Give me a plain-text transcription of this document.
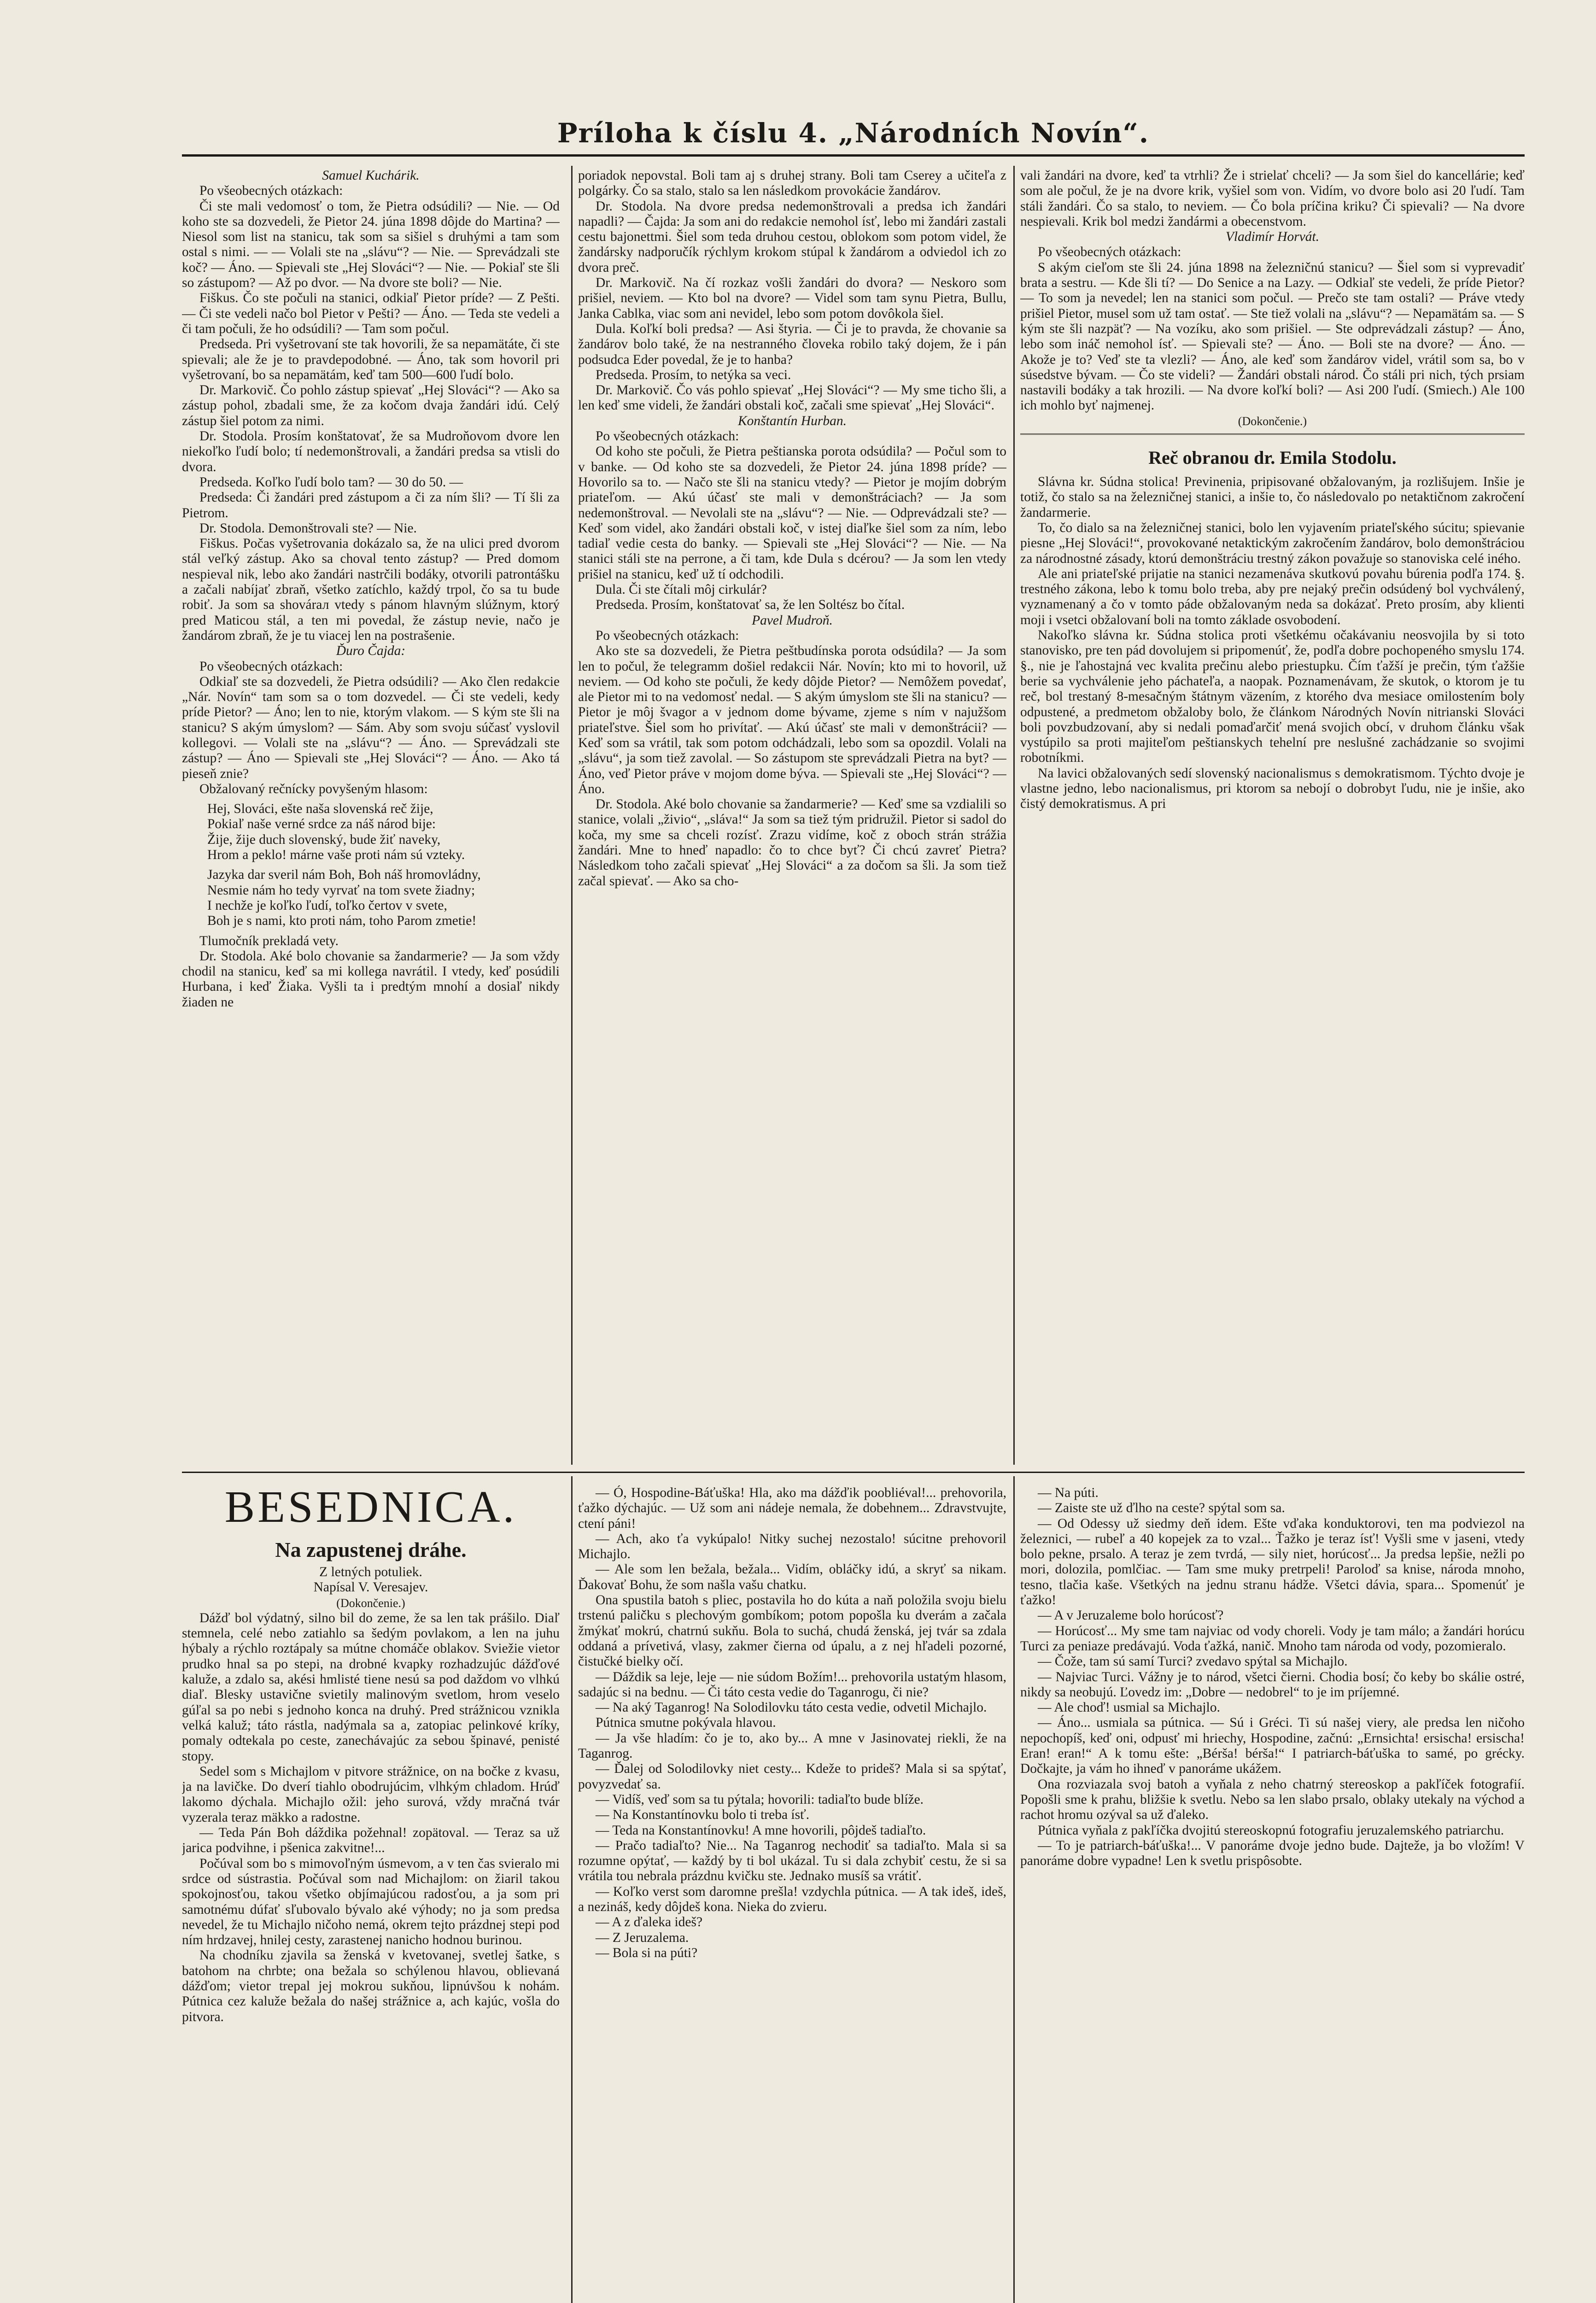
Príloha k číslu 4. „Národních Novín“.

Samuel Kuchárik.

Po všeobecných otázkach:

Či ste mali vedomosť o tom, že Pietra odsúdili? — Nie. — Od koho ste sa dozvedeli, že Pietor 24. júna 1898 dôjde do Martina? — Niesol som list na stanicu, tak som sa sišiel s druhými a tam som ostal s nimi. — — Volali ste na „slávu“? — Nie. — Sprevádzali ste koč? — Áno. — Spievali ste „Hej Slováci“? — Nie. — Pokiaľ ste šli so zástupom? — Až po dvor. — Na dvore ste boli? — Nie.

Fiškus. Čo ste počuli na stanici, odkiaľ Pietor príde? — Z Pešti. — Či ste vedeli načo bol Pietor v Pešti? — Áno. — Teda ste vedeli a či tam počuli, že ho odsúdili? — Tam som počul.

Predseda. Pri vyšetrovaní ste tak hovorili, že sa nepamätáte, či ste spievali; ale že je to pravdepodobné. — Áno, tak som hovoril pri vyšetrovaní, bo sa nepamätám, keď tam 500—600 ľudí bolo.

Dr. Markovič. Čo pohlo zástup spievať „Hej Slováci“? — Ako sa zástup pohol, zbadali sme, že za kočom dvaja žandári idú. Celý zástup šiel potom za nimi.

Dr. Stodola. Prosím konštatovať, že sa Mudroňovom dvore len niekoľko ľudí bolo; tí nedemonštrovali, a žandári predsa sa vtisli do dvora.

Predseda. Koľko ľudí bolo tam? — 30 do 50. —

Predseda: Či žandári pred zástupom a či za ním šli? — Tí šli za Pietrom.

Dr. Stodola. Demonštrovali ste? — Nie.

Fiškus. Počas vyšetrovania dokázalo sa, že na ulici pred dvorom stál veľký zástup. Ako sa choval tento zástup? — Pred domom nespieval nik, lebo ako žandári nastrčili bodáky, otvorili patrontášku a začali nabíjať zbraň, všetko zatíchlo, každý trpol, čo sa tu bude robiť. Ja som sa shovárал vtedy s pánom hlavným slúžnym, ktorý pred Maticou stál, a ten mi povedal, že zástup nevie, načo je žandárom zbraň, že je tu viacej len na postrašenie.

Ďuro Čajda:

Po všeobecných otázkach:

Odkiaľ ste sa dozvedeli, že Pietra odsúdili? — Ako člen redakcie „Nár. Novín“ tam som sa o tom dozvedel. — Či ste vedeli, kedy príde Pietor? — Áno; len to nie, ktorým vlakom. — S kým ste šli na stanicu? S akým úmyslom? — Sám. Aby som svoju súčasť vyslovil kollegovi. — Volali ste na „slávu“? — Áno. — Sprevádzali ste zástup? — Áno — Spievali ste „Hej Slováci“? — Áno. — Ako tá pieseň znie?

Obžalovaný rečnícky povyšeným hlasom:

Hej, Slováci, ešte naša slovenská reč žije,

Pokiaľ naše verné srdce za náš národ bije:

Žije, žije duch slovenský, bude žiť naveky,

Hrom a peklo! márne vaše proti nám sú vzteky.

Jazyka dar sveril nám Boh, Boh náš hromovládny,

Nesmie nám ho tedy vyrvať na tom svete žiadny;

I nechže je koľko ľudí, toľko čertov v svete,

Boh je s nami, kto proti nám, toho Parom zmetie!

Tlumočník prekladá vety.

Dr. Stodola. Aké bolo chovanie sa žandarmerie? — Ja som vždy chodil na stanicu, keď sa mi kollega navrátil. I vtedy, keď posúdili Hurbana, i keď Žiaka. Vyšli ta i predtým mnohí a dosiaľ nikdy žiaden ne

poriadok nepovstal. Boli tam aj s druhej strany. Boli tam Cserey a učiteľa z polgárky. Čo sa stalo, stalo sa len následkom provokácie žandárov.

Dr. Stodola. Na dvore predsa nedemonštrovali a predsa ich žandári napadli? — Čajda: Ja som ani do redakcie nemohol ísť, lebo mi žandári zastali cestu bajonettmi. Šiel som teda druhou cestou, oblokom som potom videl, že žandársky nadporučík rýchlym krokom stúpal k žandárom a odviedol ich zo dvora preč.

Dr. Markovič. Na čí rozkaz vošli žandári do dvora? — Neskoro som prišiel, neviem. — Kto bol na dvore? — Videl som tam synu Pietra, Bullu, Janka Cablka, viac som ani nevidel, lebo som potom dovôkola šiel.

Dula. Koľkí boli predsa? — Asi štyria. — Či je to pravda, že chovanie sa žandárov bolo také, že na nestranného človeka robilo taký dojem, že i pán podsudca Eder povedal, že je to hanba?

Predseda. Prosím, to netýka sa veci.

Dr. Markovič. Čo vás pohlo spievať „Hej Slováci“? — My sme ticho šli, a len keď sme videli, že žandári obstali koč, začali sme spievať „Hej Slováci“.

Konštantín Hurban.

Po všeobecných otázkach:

Od koho ste počuli, že Pietra peštianska porota odsúdila? — Počul som to v banke. — Od koho ste sa dozvedeli, že Pietor 24. júna 1898 príde? — Hovorilo sa to. — Načo ste šli na stanicu vtedy? — Pietor je mojím dobrým priateľom. — Akú účasť ste mali v demonštráciach? — Ja som nedemonštroval. — Nevolali ste na „slávu“? — Nie. — Odprevádzali ste? — Keď som videl, ako žandári obstali koč, v istej diaľke šiel som za ním, lebo tadiaľ vedie cesta do banky. — Spievali ste „Hej Slováci“? — Nie. — Na stanici stáli ste na perrone, a či tam, kde Dula s dcérou? — Ja som len vtedy prišiel na stanicu, keď už tí odchodili.

Dula. Či ste čítali môj cirkulár?

Predseda. Prosím, konštatovať sa, že len Soltész bo čítal.

Pavel Mudroň.

Po všeobecných otázkach:

Ako ste sa dozvedeli, že Pietra peštbudínska porota odsúdila? — Ja som len to počul, že telegramm došiel redakcii Nár. Novín; kto mi to hovoril, už neviem. — Od koho ste počuli, že kedy dôjde Pietor? — Nemôžem povedať, ale Pietor mi to na vedomosť nedal. — S akým úmyslom ste šli na stanicu? — Pietor je môj švagor a v jednom dome bývame, zjeme s ním v najužšom priateľstve. Šiel som ho privítať. — Akú účasť ste mali v demonštrácii? — Keď som sa vrátil, tak som potom odchádzali, lebo som sa opozdil. Volali na „slávu“, ja som tiež zavolal. — So zástupom ste sprevádzali Pietra na byt? — Áno, veď Pietor práve v mojom dome býva. — Spievali ste „Hej Slováci“? — Áno.

Dr. Stodola. Aké bolo chovanie sa žandarmerie? — Keď sme sa vzdialili so stanice, volali „živio“, „sláva!“ Ja som sa tiež tým pridružil. Pietor si sadol do koča, my sme sa chceli rozísť. Zrazu vidíme, koč z oboch strán strážia žandári. Mne to hneď napadlo: čo to chce byť? Či chcú zavreť Pietra? Následkom toho začali spievať „Hej Slováci“ a za dočom sa šli. Ja som tiež začal spievať. — Ako sa cho-

vali žandári na dvore, keď ta vtrhli? Že i strielať chceli? — Ja som šiel do kancellárie; keď som ale počul, že je na dvore krik, vyšiel som von. Vidím, vo dvore bolo asi 20 ľudí. Tam stáli žandári. Čo sa stalo, to neviem. — Čo bola príčina kriku? Či spievali? — Na dvore nespievali. Krik bol medzi žandármi a obecenstvom.

Vladimír Horvát.

Po všeobecných otázkach:

S akým cieľom ste šli 24. júna 1898 na železničnú stanicu? — Šiel som si vyprevadiť brata a sestru. — Kde šli tí? — Do Senice a na Lazy. — Odkiaľ ste vedeli, že príde Pietor? — To som ja nevedel; len na stanici som počul. — Prečo ste tam ostali? — Práve vtedy prišiel Pietor, musel som už tam ostať. — Ste tiež volali na „slávu“? — Nepamätám sa. — S kým ste šli nazpäť? — Na vozíku, ako som prišiel. — Ste odprevádzali zástup? — Áno, lebo som ináč nemohol ísť. — Spievali ste? — Áno. — Boli ste na dvore? — Áno. — Akože je to? Veď ste ta vlezli? — Áno, ale keď som žandárov videl, vrátil som sa, bo v súsedstve bývam. — Čo ste videli? — Žandári obstali národ. Čo stáli pri nich, tých prsiam nastavili bodáky a tak hrozili. — Na dvore koľkí boli? — Asi 200 ľudí. (Smiech.) Ale 100 ich mohlo byť najmenej.

(Dokončenie.)

Reč obranou dr. Emila Stodolu.

Slávna kr. Súdna stolica! Previnenia, pripisované obžalovaným, ja rozlišujem. Inšie je totiž, čo stalo sa na železničnej stanici, a inšie to, čo následovalo po netaktičnom zakročení žandarmerie.

To, čo dialo sa na železničnej stanici, bolo len vyjavením priateľského súcitu; spievanie piesne „Hej Slováci!“, provokované netaktickým zakročením žandárov, bolo demonštráciou za národnostné zásady, ktorú demonštráciu trestný zákon považuje so stanoviska celé iného.

Ale ani priateľské prijatie na stanici nezamenáva skutkovú povahu búrenia podľa 174. §. trestného zákona, lebo k tomu bolo treba, aby pre nejaký prečin odsúdený bol vychválený, vyznamenaný a čo v tomto páde obžalovaným neda sa dokázať. Preto prosím, aby klienti moji i vsetci obžalovaní boli na tomto základe osvobodení.

Nakoľko slávna kr. Súdna stolica proti všetkému očakávaniu neosvojila by si toto stanovisko, pre ten pád dovolujem si pripomenúť, že, podľa dobre pochopeného smyslu 174. §., nie je ľahostajná vec kvalita prečinu alebo priestupku. Čím ťažší je prečin, tým ťažšie berie sa vychválenie jeho páchateľa, a naopak. Poznamenávam, že skutok, o ktorom je tu reč, bol trestaný 8-mesačným štátnym väzením, z ktorého dva mesiace omilostením boly odpustené, a predmetom obžaloby bolo, že článkom Národných Novín nitrianski Slováci boli povzbudzovaní, aby si nedali pomaďarčiť mená svojich obcí, v druhom článku však vystúpilo sa proti majiteľom peštianskych tehelní pre neslušné zachádzanie so svojimi robotníkmi.

Na lavici obžalovaných sedí slovenský nacionalismus s demokratismom. Týchto dvoje je vlastne jedno, lebo nacionalismus, pri ktorom sa nebojí o dobrobyt ľudu, nie je inšie, ako čistý demokratismus. A pri

BESEDNICA.
Na zapustenej dráhe.

Z letných potuliek.

Napísal V. Veresajev.

(Dokončenie.)

Dážď bol výdatný, silno bil do zeme, že sa len tak prášilo. Diaľ stemnela, celé nebo zatiahlo sa šedým povlakom, a len na juhu hýbaly a rýchlo roztápaly sa mútne chomáče oblakov. Sviežie vietor prudko hnal sa po stepi, na drobné kvapky rozhadzujúc dážďové kaluže, a zdalo sa, akési hmlisté tiene nesú sa pod daždom vo vlhkú diaľ. Blesky ustavične svietily malinovým svetlom, hrom veselo gúľal sa po nebi s jednoho konca na druhý. Pred strážnicou vznikla velká kaluž; táto rástla, nadýmala sa a, zatopiac pelinkové kríky, pomaly odtekala po ceste, zanechávajúc za sebou špinavé, penisté stopy.

Sedel som s Michajlom v pitvore strážnice, on na bočke z kvasu, ja na lavičke. Do dverí tiahlo obodrujúcim, vlhkým chladom. Hrúď lakomo dýchala. Michajlo ožil: jeho surová, vždy mračná tvár vyzerala teraz mäkko a radostne.

— Teda Pán Boh dáždika požehnal! zopätoval. — Teraz sa už jarica podvihne, i pšenica zakvitne!...

Počúval som bo s mimovoľným úsmevom, a v ten čas svieralo mi srdce od sústrastia. Počúval som nad Michajlom: on žiaril takou spokojnosťou, takou všetko objímajúcou radosťou, a ja som pri samotnému dúfať sľubovalo bývalo aké výhody; no ja som predsa nevedel, že tu Michajlo ničoho nemá, okrem tejto prázdnej stepi pod ním hrdzavej, hnilej cesty, zarastenej nanicho hodnou burinou.

Na chodníku zjavila sa ženská v kvetovanej, svetlej šatke, s batohom na chrbte; ona bežala so schýlenou hlavou, oblievaná dážďom; vietor trepal jej mokrou sukňou, lipnúvšou k nohám. Pútnica cez kaluže bežala do našej strážnice a, ach kajúc, vošla do pitvora.

— Ó, Hospodine-Báťuška! Hla, ako ma dážďik poobliéval!... prehovorila, ťažko dýchajúc. — Už som ani nádeje nemala, že dobehnem... Zdravstvujte, ctení páni!

— Ach, ako ťa vykúpalo! Nitky suchej nezostalo! súcitne prehovoril Michajlo.

— Ale som len bežala, bežala... Vidím, obláčky idú, a skryť sa nikam. Ďakovať Bohu, že som našla vašu chatku.

Ona spustila batoh s pliec, postavila ho do kúta a naň položila svoju bielu trstenú paličku s plechovým gombíkom; potom popošla ku dverám a začala žmýkať mokrú, chatrnú sukňu. Bola to suchá, chudá ženská, jej tvár sa zdala oddaná a prívetivá, vlasy, zakmer čierna od úpalu, a z nej hľadeli pozorné, čistučké bielky očí.

— Dáždik sa leje, leje — nie súdom Božím!... prehovorila ustatým hlasom, sadajúc si na bednu. — Či táto cesta vedie do Taganrogu, či nie?

— Na aký Taganrog! Na Solodilovku táto cesta vedie, odvetil Michajlo.

Pútnica smutne pokývala hlavou.

— Ja vše hladím: čo je to, ako by... A mne v Jasinovatej riekli, že na Taganrog.

— Ďalej od Solodilovky niet cesty... Kdeže to prideš? Mala si sa spýtať, povyzvedať sa.

— Vidíš, veď som sa tu pýtala; hovorili: tadiaľto bude blíže.

— Na Konstantínovku bolo ti treba ísť.

— Teda na Konstantínovku! A mne hovorili, pôjdeš tadiaľto.

— Pračo tadiaľto? Nie... Na Taganrog nechodiť sa tadiaľto. Mala si sa rozumne opýtať, — každý by ti bol ukázal. Tu si dala zchybiť cestu, že si sa vrátila tou nebrala prázdnu kvičku ste. Jednako musíš sa vrátiť.

— Koľko verst som daromne prešla! vzdychla pútnica. — A tak ideš, ideš, a nezináš, kedy dôjdeš kona. Nieka do zvieru.

— A z ďaleka ideš?

— Z Jeruzalema.

— Bola si na púti?

— Na púti.

— Zaiste ste už ďlho na ceste? spýtal som sa.

— Od Odessy už siedmy deň idem. Ešte vďaka konduktorovi, ten ma podviezol na železnici, — rubeľ a 40 kopejek za to vzal... Ťažko je teraz ísť! Vyšli sme v jaseni, vtedy bolo pekne, prsalo. A teraz je zem tvrdá, — sily niet, horúcosť... Ja predsa lepšie, nežli po mori, dolozila, pomlčiac. — Tam sme muky pretrpeli! Paroloď sa knise, národa mnoho, tesno, tlačia kaše. Všetkých na jednu stranu hádže. Všetci dávia, spara... Spomenúť je ťažko!

— A v Jeruzaleme bolo horúcosť?

— Horúcosť... My sme tam najviac od vody choreli. Vody je tam málo; a žandári horúcu Turci za peniaze predávajú. Voda ťažká, nanič. Mnoho tam národa od vody, pozomieralo.

— Čože, tam sú samí Turci? zvedavo spýtal sa Michajlo.

— Najviac Turci. Vážny je to národ, všetci čierni. Chodia bosí; čo keby bo skálie ostré, nikdy sa neobujú. Ľovedz im: „Dobre — nedobrel“ to je im príjemné.

— Ale choď! usmial sa Michajlo.

— Áno... usmiala sa pútnica. — Sú i Gréci. Ti sú našej viery, ale predsa len ničoho nepochopíš, keď oni, odpusť mi hriechy, Hospodine, začnú: „Ernsichta! ersischa! ersischa! Eran! eran!“ A k tomu ešte: „Bérša! bérša!“ I patriarch-báťuška to samé, po grécky. Dočkajte, ja vám ho ihneď v panoráme ukážem.

Ona rozviazala svoj batoh a vyňala z neho chatrný stereoskop a pakľíček fotografií. Popošli sme k prahu, bližšie k svetlu. Nebo sa len slabo prsalo, oblaky utekaly na východ a rachot hromu ozýval sa už ďaleko.

Pútnica vyňala z pakľíčka dvojitú stereoskopnú fotografiu jeruzalemského patriarchu.

— To je patriarch-báťuška!... V panoráme dvoje jedno bude. Dajteže, ja bo vložím! V panoráme dobre vypadne! Len k svetlu prispôsobte.
